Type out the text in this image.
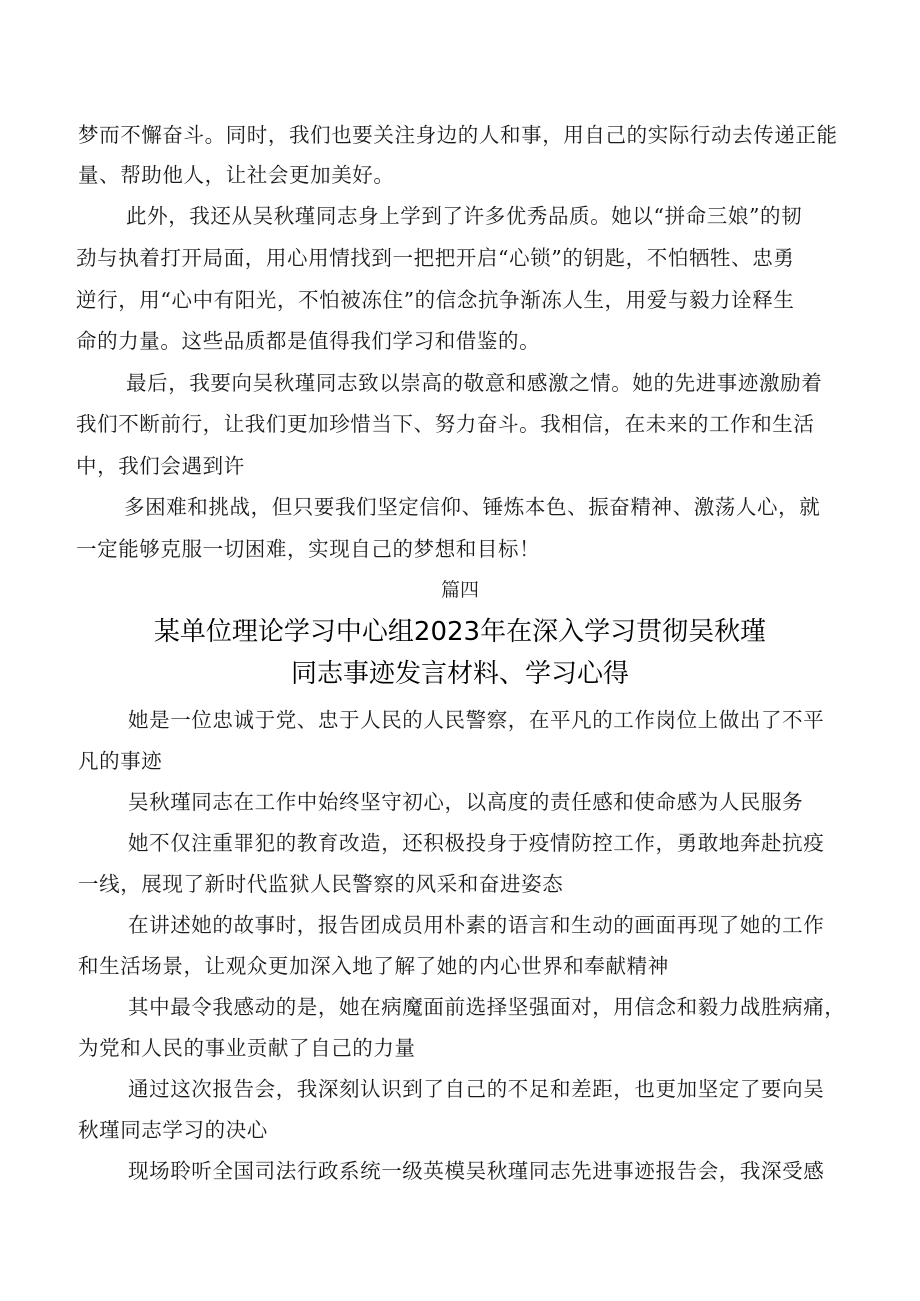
梦而不懈奋斗。同时，我们也要关注身边的人和事，用自己的实际行动去传递正能
量、帮助他人，让社会更加美好。
此外，我还从吴秋瑾同志身上学到了许多优秀品质。她以“拼命三娘”的韧
劲与执着打开局面，用心用情找到一把把开启“心锁”的钥匙，不怕牺牲、忠勇
逆行，用“心中有阳光，不怕被冻住”的信念抗争渐冻人生，用爱与毅力诠释生
命的力量。这些品质都是值得我们学习和借鉴的。
最后，我要向吴秋瑾同志致以崇高的敬意和感激之情。她的先进事迹激励着
我们不断前行，让我们更加珍惜当下、努力奋斗。我相信，在未来的工作和生活
中，我们会遇到许
多困难和挑战，但只要我们坚定信仰、锤炼本色、振奋精神、激荡人心，就
一定能够克服一切困难，实现自己的梦想和目标！
篇四
某单位理论学习中心组2023年在深入学习贯彻吴秋瑾
同志事迹发言材料、学习心得
她是一位忠诚于党、忠于人民的人民警察，在平凡的工作岗位上做出了不平
凡的事迹
吴秋瑾同志在工作中始终坚守初心，以高度的责任感和使命感为人民服务
她不仅注重罪犯的教育改造，还积极投身于疫情防控工作，勇敢地奔赴抗疫
一线，展现了新时代监狱人民警察的风采和奋进姿态
在讲述她的故事时，报告团成员用朴素的语言和生动的画面再现了她的工作
和生活场景，让观众更加深入地了解了她的内心世界和奉献精神
其中最令我感动的是，她在病魔面前选择坚强面对，用信念和毅力战胜病痛，
为党和人民的事业贡献了自己的力量
通过这次报告会，我深刻认识到了自己的不足和差距，也更加坚定了要向吴
秋瑾同志学习的决心
现场聆听全国司法行政系统一级英模吴秋瑾同志先进事迹报告会，我深受感
